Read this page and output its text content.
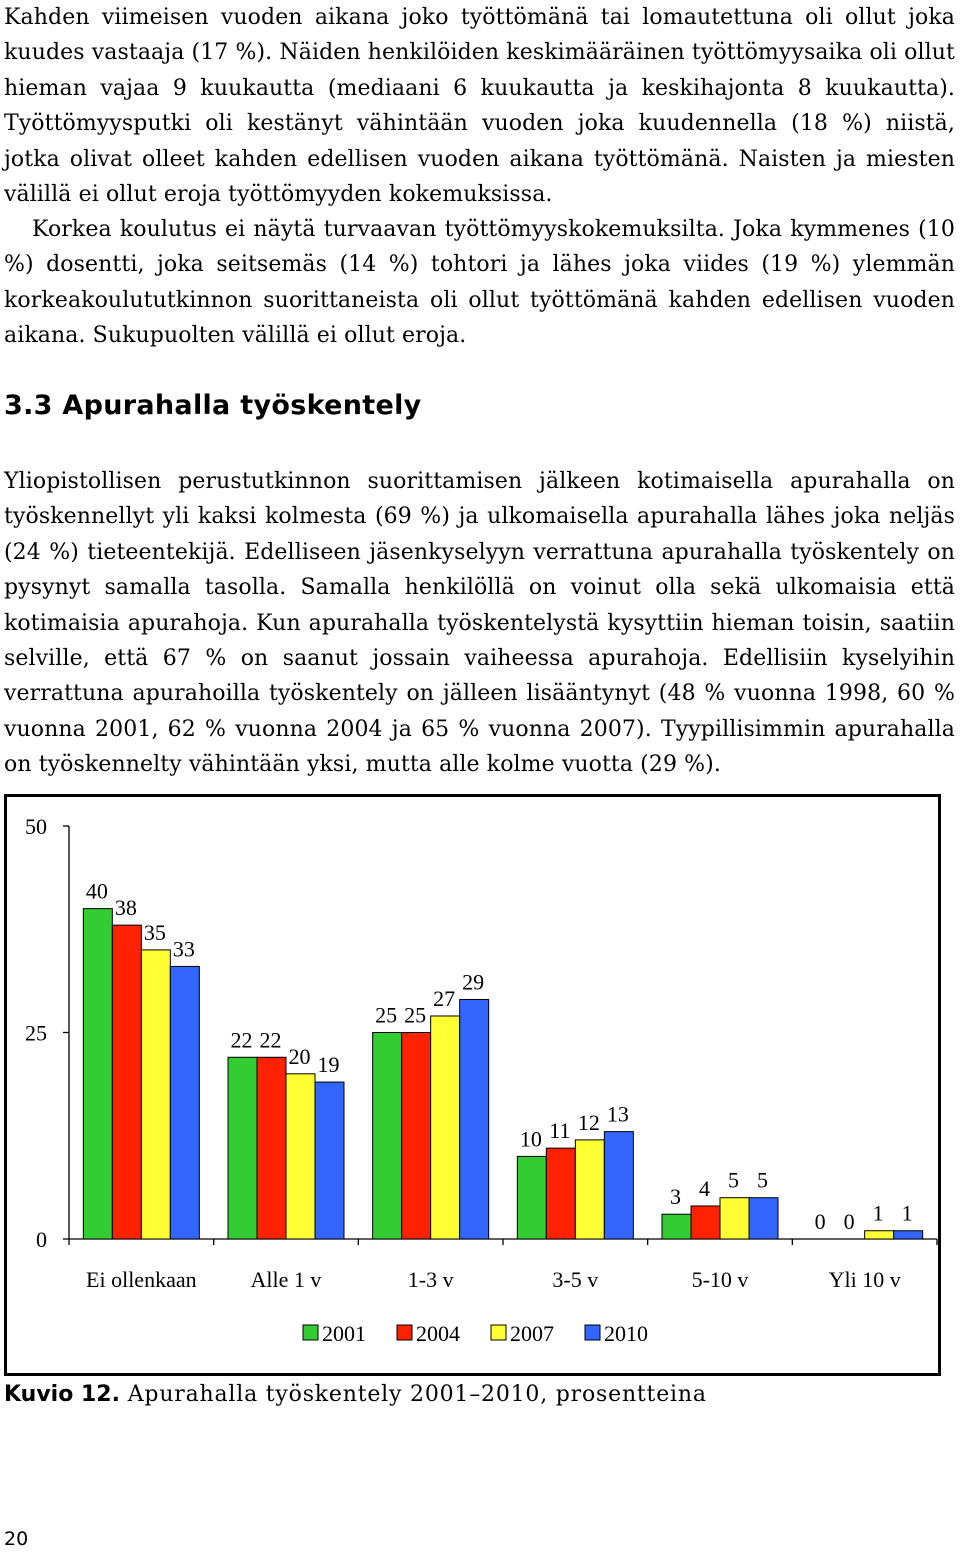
Kahden viimeisen vuoden aikana joko työttömänä tai lomautettuna oli ollut joka kuudes vastaaja (17 %). Näiden henkilöiden keskimääräinen työttömyysaika oli ollut hieman vajaa 9 kuukautta (mediaani 6 kuukautta ja keskihajonta 8 kuukautta). Työttömyysputki oli kestänyt vähintään vuoden joka kuudennella (18 %) niistä, jotka olivat olleet kahden edellisen vuoden aikana työttömänä. Naisten ja miesten välillä ei ollut eroja työttömyyden kokemuksissa.

Korkea koulutus ei näytä turvaavan työttömyyskokemuksilta. Joka kymmenes (10 %) dosentti, joka seitsemäs (14 %) tohtori ja lähes joka viides (19 %) ylemmän korkeakoulututkinnon suorittaneista oli ollut työttömänä kahden edellisen vuoden aikana. Sukupuolten välillä ei ollut eroja.

3.3 Apurahalla työskentely

Yliopistollisen perustutkinnon suorittamisen jälkeen kotimaisella apurahalla on työskennellyt yli kaksi kolmesta (69 %) ja ulkomaisella apurahalla lähes joka neljäs (24 %) tieteentekijä. Edelliseen jäsenkyselyyn verrattuna apurahalla työskentely on pysynyt samalla tasolla. Samalla henkilöllä on voinut olla sekä ulkomaisia että kotimaisia apurahoja. Kun apurahalla työskentelystä kysyttiin hieman toisin, saatiin selville, että 67 % on saanut jossain vaiheessa apurahoja. Edellisiin kyselyihin verrattuna apurahoilla työskentely on jälleen lisääntynyt (48 % vuonna 1998, 60 % vuonna 2001, 62 % vuonna 2004 ja 65 % vuonna 2007). Tyypillisimmin apurahalla on työskennelty vähintään yksi, mutta alle kolme vuotta (29 %).

0
25
50
40
38
35
33
Ei ollenkaan
22 22
20 19
Alle 1 v
25 25
27
29
1-3 v
10 11 12 13
3-5 v
3 4 5 5
5-10 v
0 0 1 1
Yli 10 v
2001 2004 2007 2010

Kuvio 12. Apurahalla työskentely 2001–2010, prosentteina

20
